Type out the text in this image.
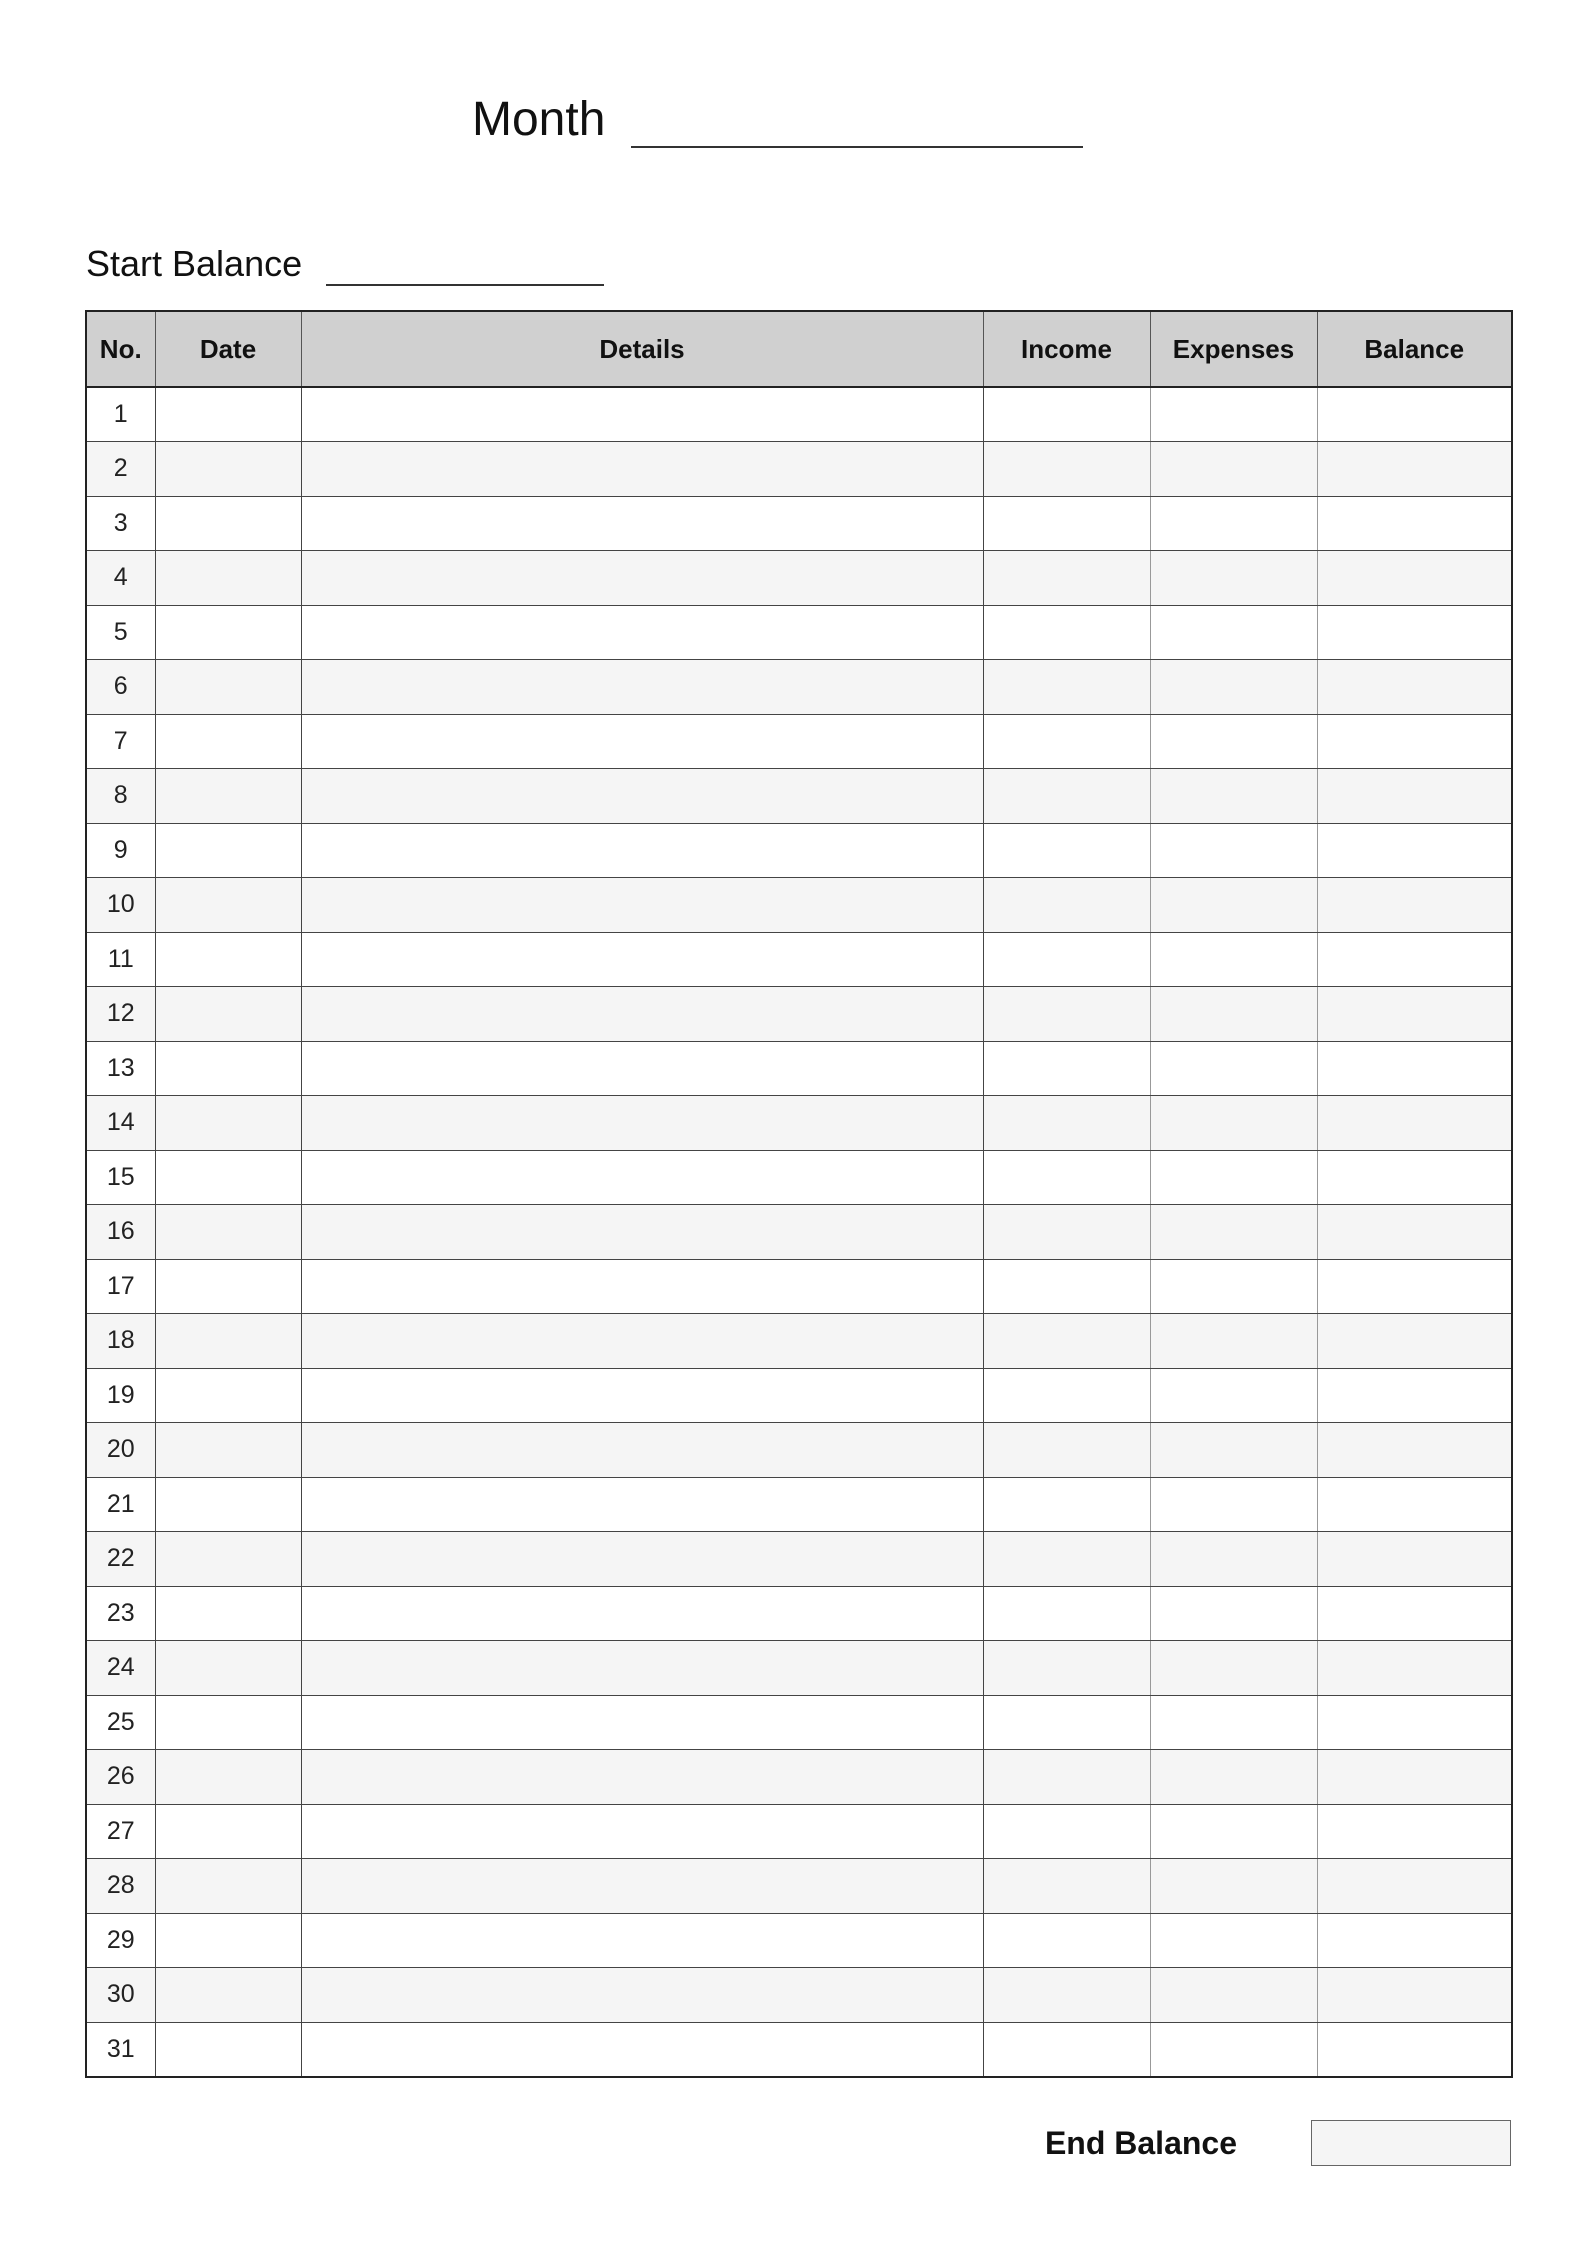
Month
Start Balance
No.	Date	Details	Income	Expenses	Balance
1					
2					
3					
4					
5					
6					
7					
8					
9					
10					
11					
12					
13					
14					
15					
16					
17					
18					
19					
20					
21					
22					
23					
24					
25					
26					
27					
28					
29					
30					
31					
End Balance
